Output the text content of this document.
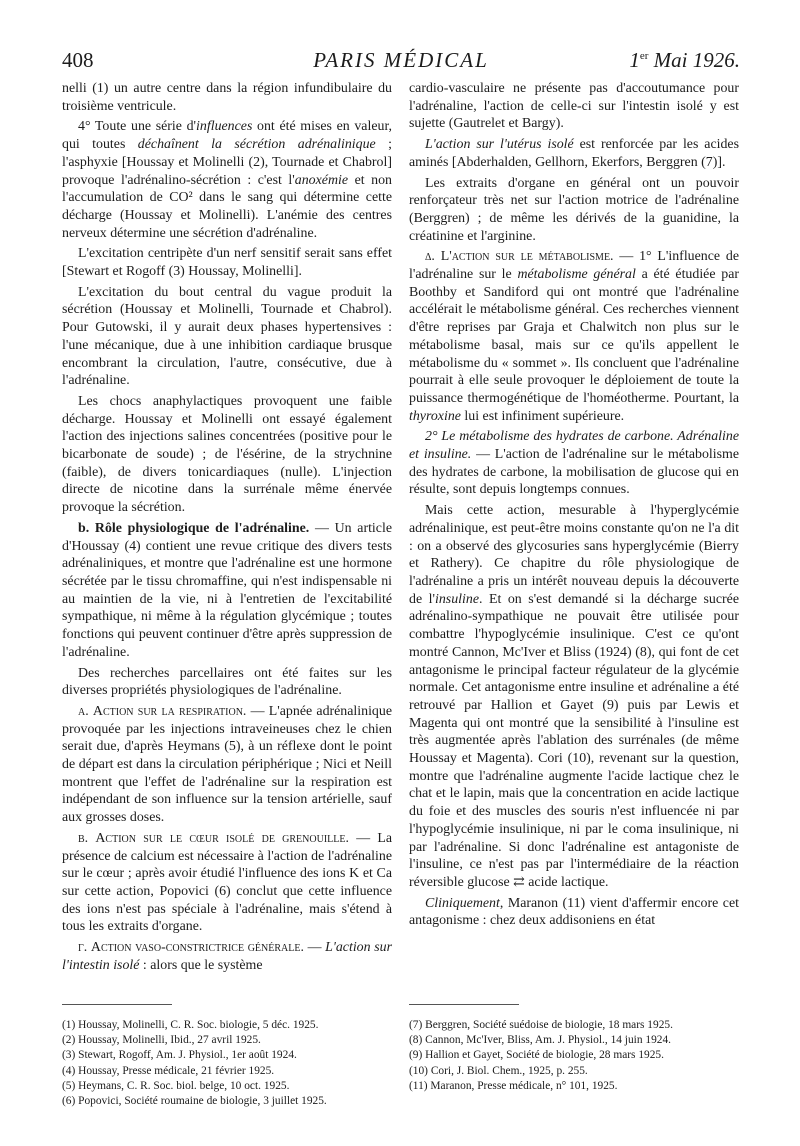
408	PARIS MÉDICAL	1er Mai 1926.

nelli (1) un autre centre dans la région infundibulaire du troisième ventricule.

4° Toute une série d'influences ont été mises en valeur, qui toutes déchaînent la sécrétion adrénalinique ; l'asphyxie [Houssay et Molinelli (2), Tournade et Chabrol] provoque l'adrénalino-sécrétion : c'est l'anoxémie et non l'accumulation de CO² dans le sang qui détermine cette décharge (Houssay et Molinelli). L'anémie des centres nerveux détermine une sécrétion d'adrénaline.

L'excitation centripète d'un nerf sensitif serait sans effet [Stewart et Rogoff (3) Houssay, Molinelli].

L'excitation du bout central du vague produit la sécrétion (Houssay et Molinelli, Tournade et Chabrol). Pour Gutowski, il y aurait deux phases hypertensives : l'une mécanique, due à une inhibition cardiaque brusque encombrant la circulation, l'autre, consécutive, due à l'adrénaline.

Les chocs anaphylactiques provoquent une faible décharge. Houssay et Molinelli ont essayé également l'action des injections salines concentrées (positive pour le bicarbonate de soude) ; de l'ésérine, de la strychnine (faible), de divers tonicardiaques (nulle). L'injection directe de nicotine dans la surrénale même énervée provoque la sécrétion.

b. Rôle physiologique de l'adrénaline. — Un article d'Houssay (4) contient une revue critique des divers tests adrénaliniques, et montre que l'adrénaline est une hormone sécrétée par le tissu chromaffine, qui n'est indispensable ni au maintien de la vie, ni à l'entretien de l'excitabilité sympathique, ni même à la régulation glycémique ; toutes fonctions qui peuvent continuer d'être après suppression de l'adrénaline.

Des recherches parcellaires ont été faites sur les diverses propriétés physiologiques de l'adrénaline.

α. Action sur la respiration. — L'apnée adrénalinique provoquée par les injections intraveineuses chez le chien serait due, d'après Heymans (5), à un réflexe dont le point de départ est dans la circulation périphérique ; Nici et Neill montrent que l'effet de l'adrénaline sur la respiration est indépendant de son influence sur la tension artérielle, sauf aux grosses doses.

β. Action sur le cœur isolé de grenouille. — La présence de calcium est nécessaire à l'action de l'adrénaline sur le cœur ; après avoir étudié l'influence des ions K et Ca sur cette action, Popovici (6) conclut que cette influence des ions n'est pas spéciale à l'adrénaline, mais s'étend à tous les extraits d'organe.

γ. Action vaso-constrictrice générale. — L'action sur l'intestin isolé : alors que le système

cardio-vasculaire ne présente pas d'accoutumance pour l'adrénaline, l'action de celle-ci sur l'intestin isolé y est sujette (Gautrelet et Bargy).

L'action sur l'utérus isolé est renforcée par les acides aminés [Abderhalden, Gellhorn, Ekerfors, Berggren (7)].

Les extraits d'organe en général ont un pouvoir renforçateur très net sur l'action motrice de l'adrénaline (Berggren) ; de même les dérivés de la guanidine, la créatinine et l'arginine.

δ. L'action sur le métabolisme. — 1° L'influence de l'adrénaline sur le métabolisme général a été étudiée par Boothby et Sandiford qui ont montré que l'adrénaline accélérait le métabolisme général. Ces recherches viennent d'être reprises par Graja et Chalwitch non plus sur le métabolisme basal, mais sur ce qu'ils appellent le métabolisme du « sommet ». Ils concluent que l'adrénaline pourrait à elle seule provoquer le déploiement de toute la puissance thermogénétique de l'homéotherme. Pourtant, la thyroxine lui est infiniment supérieure.

2° Le métabolisme des hydrates de carbone. Adrénaline et insuline. — L'action de l'adrénaline sur le métabolisme des hydrates de carbone, la mobilisation de glucose qui en résulte, sont depuis longtemps connues.

Mais cette action, mesurable à l'hyperglycémie adrénalinique, est peut-être moins constante qu'on ne l'a dit : on a observé des glycosuries sans hyperglycémie (Bierry et Rathery). Ce chapitre du rôle physiologique de l'adrénaline a pris un intérêt nouveau depuis la découverte de l'insuline. Et on s'est demandé si la décharge sucrée adrénalino-sympathique ne pouvait être utilisée pour combattre l'hypoglycémie insulinique. C'est ce qu'ont montré Cannon, Mc'Iver et Bliss (1924) (8), qui font de cet antagonisme le principal facteur régulateur de la glycémie normale. Cet antagonisme entre insuline et adrénaline a été retrouvé par Hallion et Gayet (9) puis par Lewis et Magenta qui ont montré que la sensibilité à l'insuline est très augmentée après l'ablation des surrénales (de même Houssay et Magenta). Cori (10), revenant sur la question, montre que l'adrénaline augmente l'acide lactique chez le chat et le lapin, mais que la concentration en acide lactique du foie et des muscles des souris n'est influencée ni par l'hypoglycémie insulinique, ni par le coma insulinique, ni par l'adrénaline. Si donc l'adrénaline est antagoniste de l'insuline, ce n'est pas par l'intermédiaire de la réaction réversible glucose ⇄ acide lactique.

Cliniquement, Maranon (11) vient d'affermir encore cet antagonisme : chez deux addisoniens en état

(1) Houssay, Molinelli, C. R. Soc. biologie, 5 déc. 1925.
(2) Houssay, Molinelli, Ibid., 27 avril 1925.
(3) Stewart, Rogoff, Am. J. Physiol., 1er août 1924.
(4) Houssay, Presse médicale, 21 février 1925.
(5) Heymans, C. R. Soc. biol. belge, 10 oct. 1925.
(6) Popovici, Société roumaine de biologie, 3 juillet 1925.
(7) Berggren, Société suédoise de biologie, 18 mars 1925.
(8) Cannon, Mc'Iver, Bliss, Am. J. Physiol., 14 juin 1924.
(9) Hallion et Gayet, Société de biologie, 28 mars 1925.
(10) Cori, J. Biol. Chem., 1925, p. 255.
(11) Maranon, Presse médicale, n° 101, 1925.
